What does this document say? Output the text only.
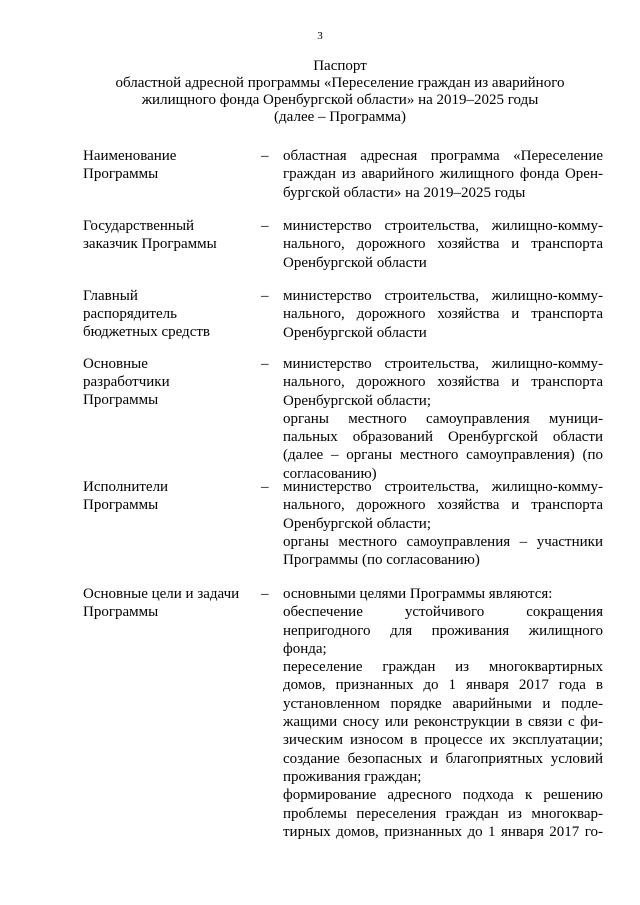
3
Паспорт
областной адресной программы «Переселение граждан из аварийного
жилищного фонда Оренбургской области» на 2019–2025 годы
(далее – Программа)
Наименование
Программы
– областная адресная программа «Переселение
граждан из аварийного жилищного фонда Орен-
бургской области» на 2019–2025 годы
Государственный
заказчик Программы
– министерство строительства, жилищно-комму-
нального, дорожного хозяйства и транспорта
Оренбургской области
Главный
распорядитель
бюджетных средств
– министерство строительства, жилищно-комму-
нального, дорожного хозяйства и транспорта
Оренбургской области
Основные
разработчики
Программы
– министерство строительства, жилищно-комму-
нального, дорожного хозяйства и транспорта
Оренбургской области;
органы местного самоуправления муници-
пальных образований Оренбургской области
(далее – органы местного самоуправления) (по
согласованию)
Исполнители
Программы
– министерство строительства, жилищно-комму-
нального, дорожного хозяйства и транспорта
Оренбургской области;
органы местного самоуправления – участники
Программы (по согласованию)
Основные цели и задачи
Программы
– основными целями Программы являются:
обеспечение устойчивого сокращения
непригодного для проживания жилищного
фонда;
переселение граждан из многоквартирных
домов, признанных до 1 января 2017 года в
установленном порядке аварийными и подле-
жащими сносу или реконструкции в связи с фи-
зическим износом в процессе их эксплуатации;
создание безопасных и благоприятных условий
проживания граждан;
формирование адресного подхода к решению
проблемы переселения граждан из многоквар-
тирных домов, признанных до 1 января 2017 го-
